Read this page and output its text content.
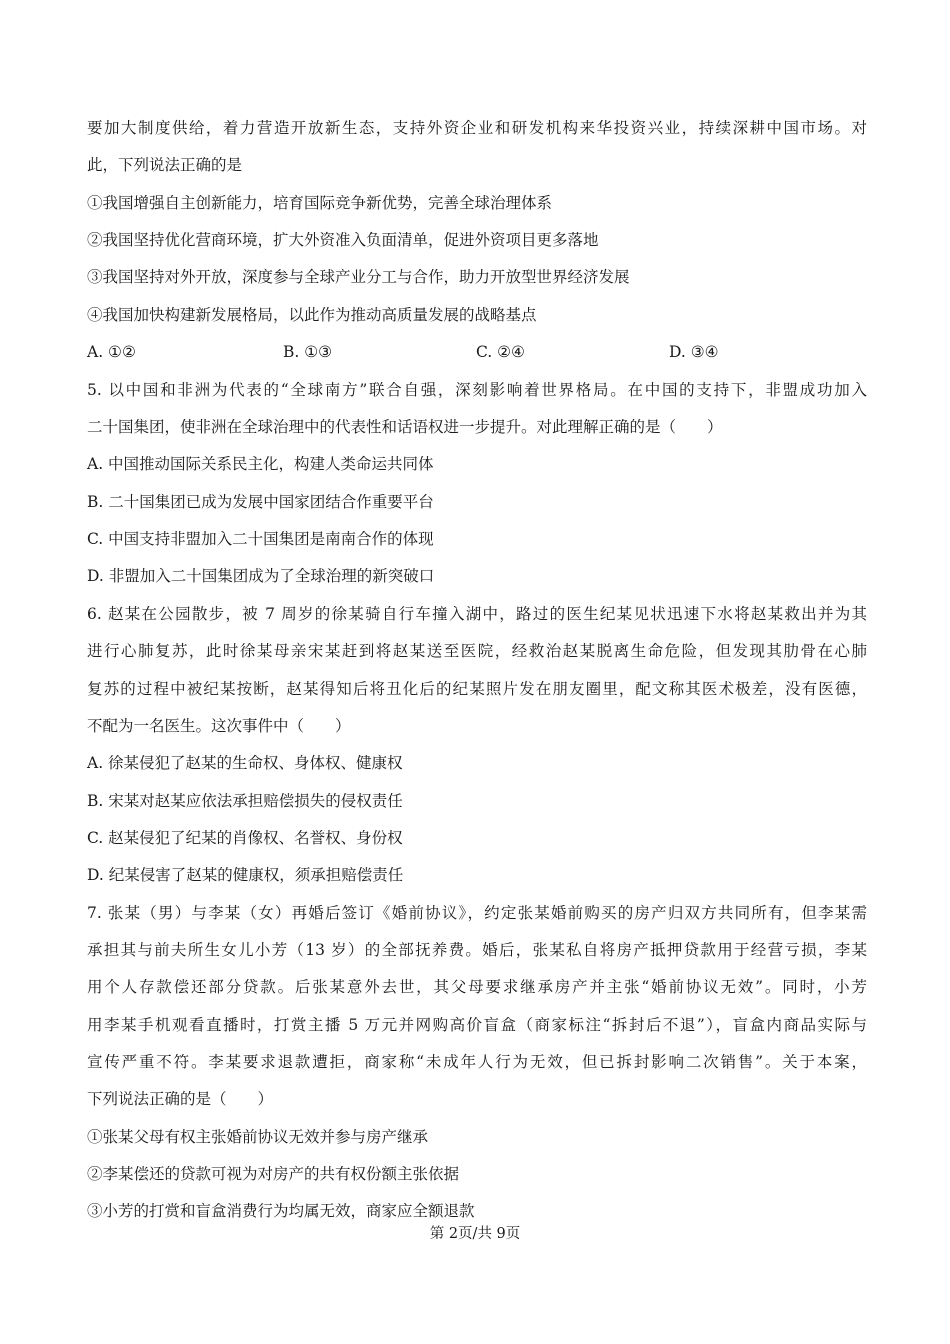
要加大制度供给，着力营造开放新生态，支持外资企业和研发机构来华投资兴业，持续深耕中国市场。对
此，下列说法正确的是
①我国增强自主创新能力，培育国际竞争新优势，完善全球治理体系
②我国坚持优化营商环境，扩大外资准入负面清单，促进外资项目更多落地
③我国坚持对外开放，深度参与全球产业分工与合作，助力开放型世界经济发展
④我国加快构建新发展格局，以此作为推动高质量发展的战略基点
A. ①②	B. ①③	C. ②④	D. ③④
5. 以中国和非洲为代表的“全球南方”联合自强，深刻影响着世界格局。在中国的支持下，非盟成功加入
二十国集团，使非洲在全球治理中的代表性和话语权进一步提升。对此理解正确的是（　　）
A. 中国推动国际关系民主化，构建人类命运共同体
B. 二十国集团已成为发展中国家团结合作重要平台
C. 中国支持非盟加入二十国集团是南南合作的体现
D. 非盟加入二十国集团成为了全球治理的新突破口
6. 赵某在公园散步，被 7 周岁的徐某骑自行车撞入湖中，路过的医生纪某见状迅速下水将赵某救出并为其
进行心肺复苏，此时徐某母亲宋某赶到将赵某送至医院，经救治赵某脱离生命危险，但发现其肋骨在心肺
复苏的过程中被纪某按断，赵某得知后将丑化后的纪某照片发在朋友圈里，配文称其医术极差，没有医德，
不配为一名医生。这次事件中（　　）
A. 徐某侵犯了赵某的生命权、身体权、健康权
B. 宋某对赵某应依法承担赔偿损失的侵权责任
C. 赵某侵犯了纪某的肖像权、名誉权、身份权
D. 纪某侵害了赵某的健康权，须承担赔偿责任
7. 张某（男）与李某（女）再婚后签订《婚前协议》，约定张某婚前购买的房产归双方共同所有，但李某需
承担其与前夫所生女儿小芳（13 岁）的全部抚养费。婚后，张某私自将房产抵押贷款用于经营亏损，李某
用个人存款偿还部分贷款。后张某意外去世，其父母要求继承房产并主张“婚前协议无效”。同时，小芳
用李某手机观看直播时，打赏主播 5 万元并网购高价盲盒（商家标注“拆封后不退”），盲盒内商品实际与
宣传严重不符。李某要求退款遭拒，商家称“未成年人行为无效，但已拆封影响二次销售”。关于本案，
下列说法正确的是（　　）
①张某父母有权主张婚前协议无效并参与房产继承
②李某偿还的贷款可视为对房产的共有权份额主张依据
③小芳的打赏和盲盒消费行为均属无效，商家应全额退款
第 2页/共 9页
